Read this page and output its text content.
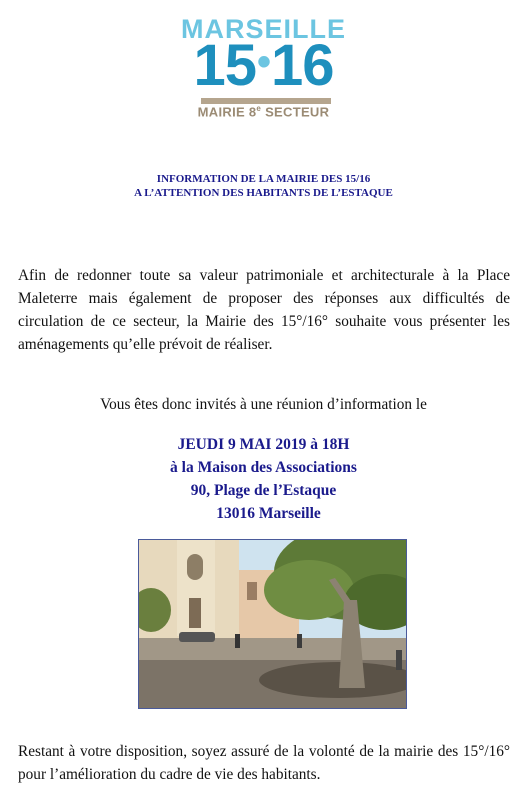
MARSEILLE
15•16
MAIRIE 8e SECTEUR
INFORMATION DE LA MAIRIE DES 15/16
A L’ATTENTION DES HABITANTS DE L’ESTAQUE
Afin de redonner toute sa valeur patrimoniale et architecturale à la Place Maleterre mais également de proposer des réponses aux difficultés de circulation de ce secteur, la Mairie des 15°/16° souhaite vous présenter les aménagements qu’elle prévoit de réaliser.
Vous êtes donc invités à une réunion d’information le
JEUDI 9 MAI 2019 à 18H
à la Maison des Associations
90, Plage de l’Estaque
13016 Marseille
Restant à votre disposition, soyez assuré de la volonté de la mairie des 15°/16° pour l’amélioration du cadre de vie des habitants.
